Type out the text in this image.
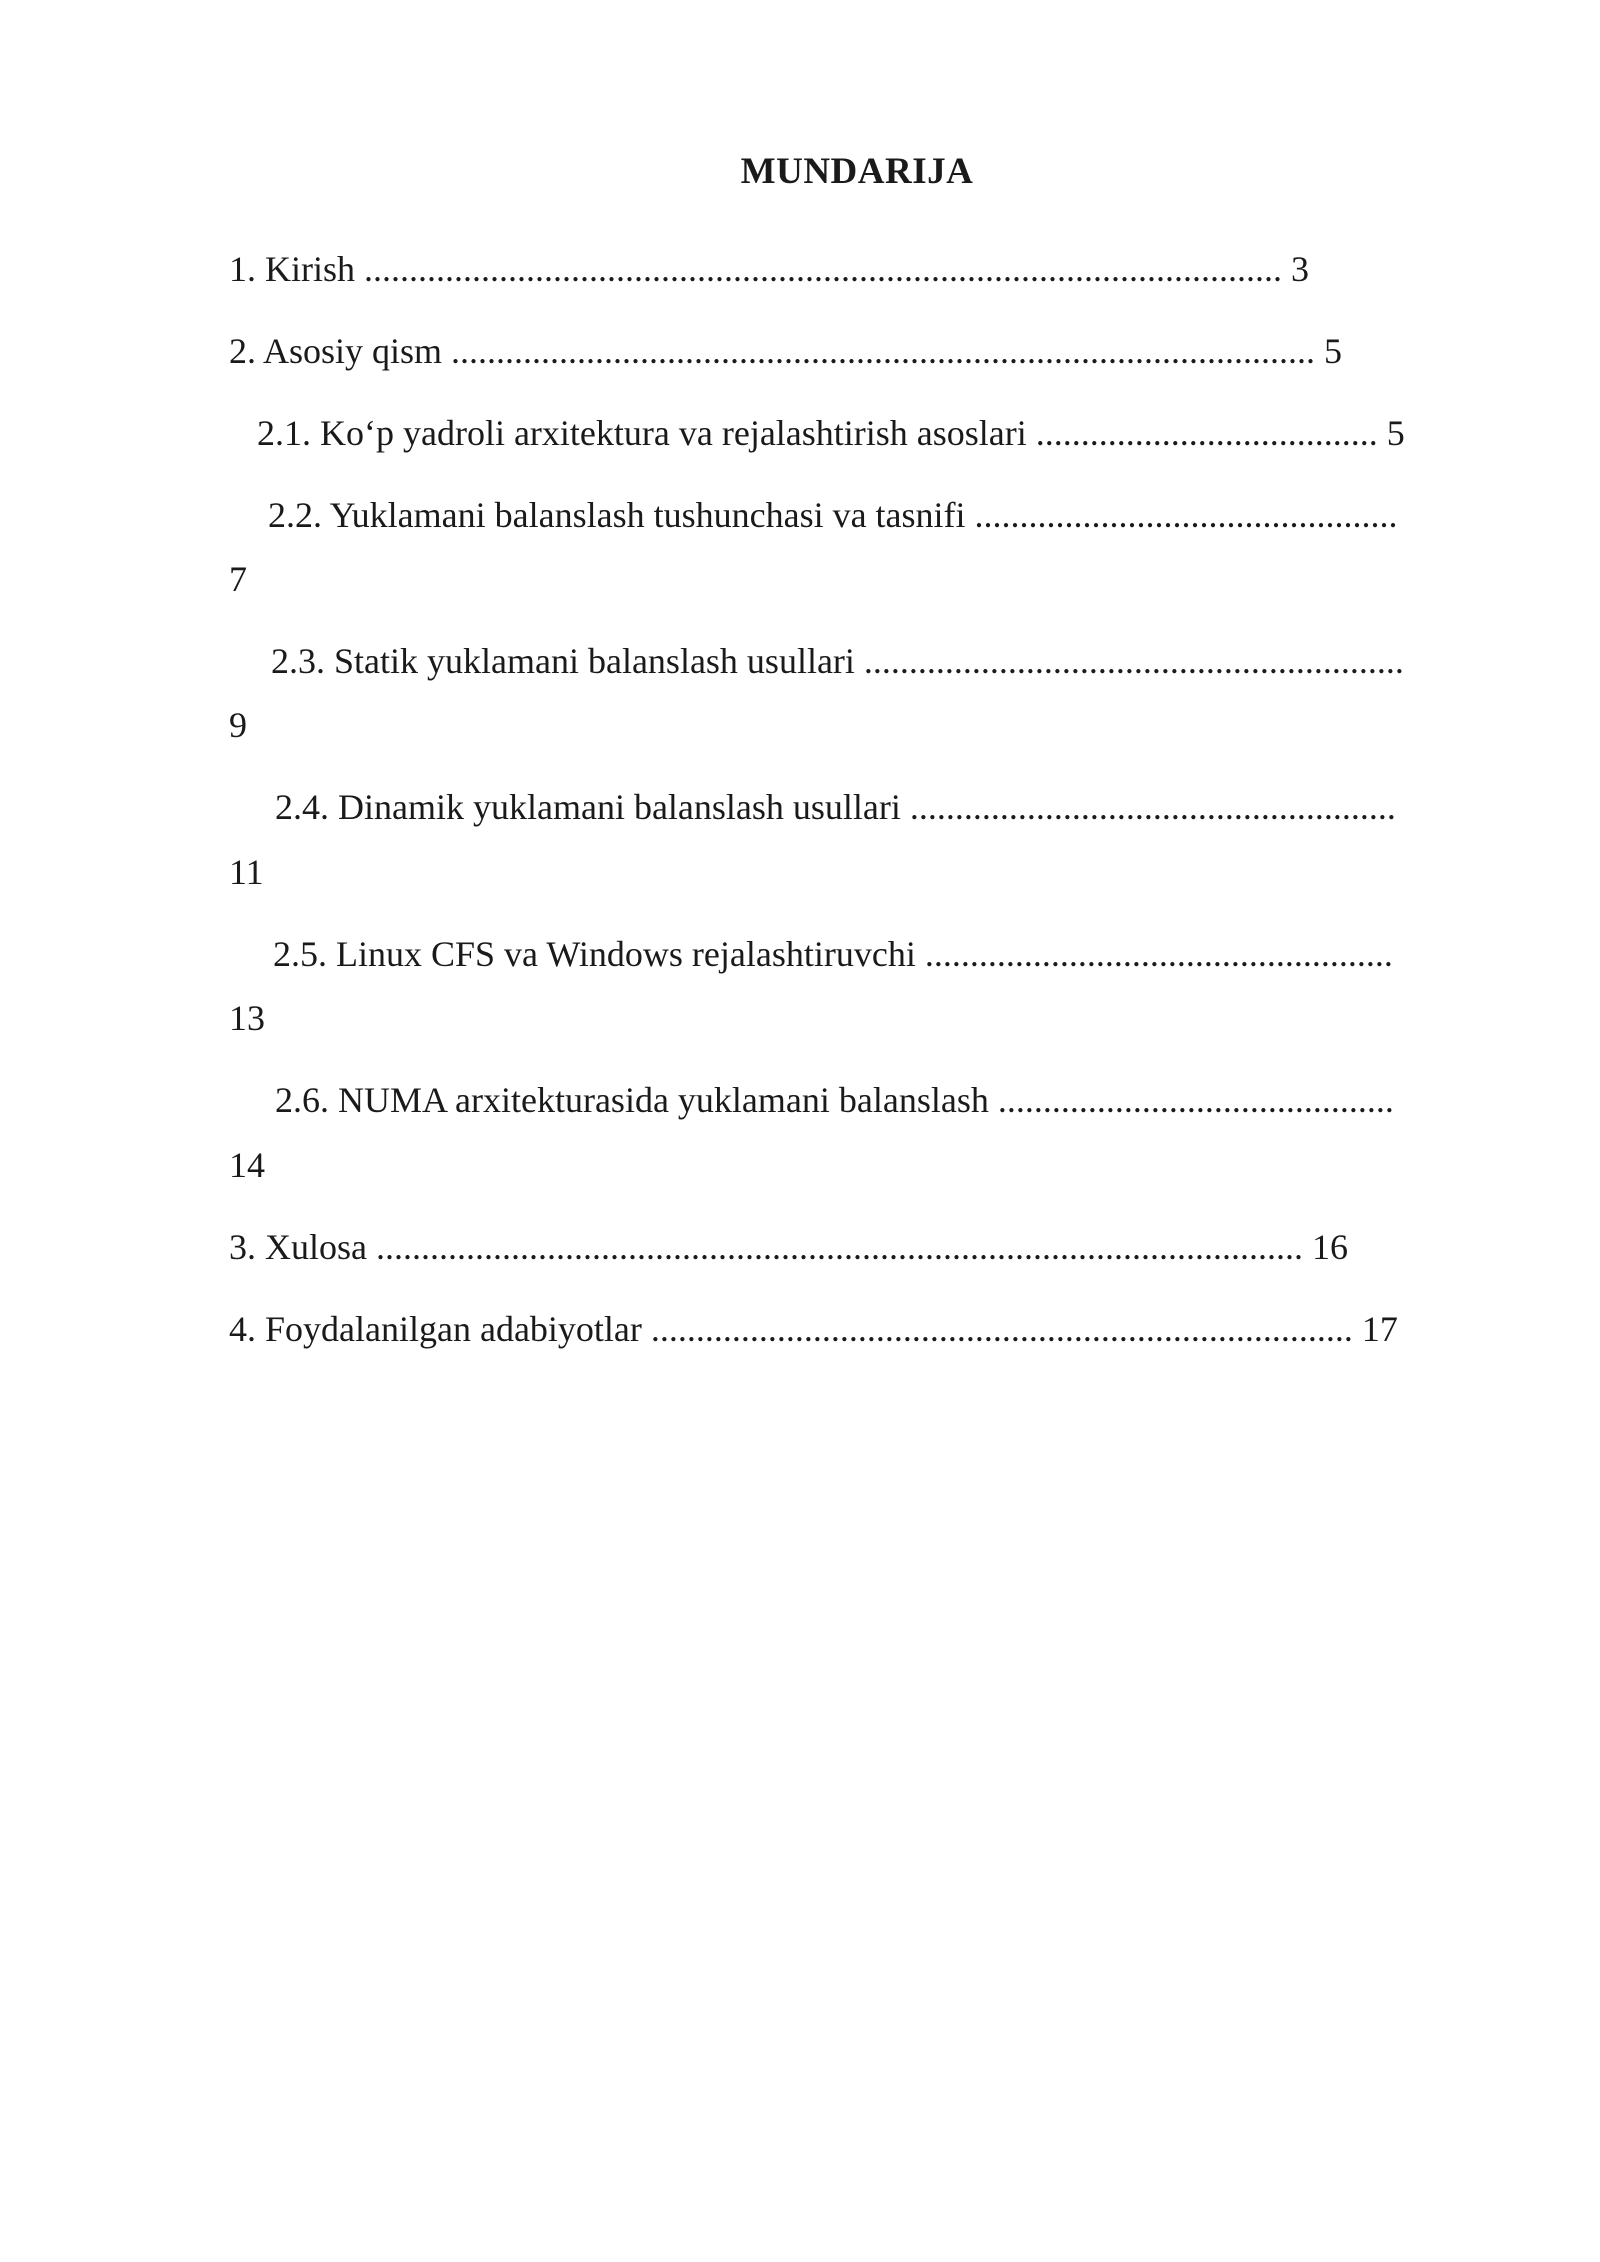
MUNDARIJA

1. Kirish ...................................................................................................... 3

2. Asosiy qism ................................................................................................ 5

2.1. Ko‘p yadroli arxitektura va rejalashtirish asoslari ...................................... 5

2.2. Yuklamani balanslash tushunchasi va tasnifi ...............................................

7

2.3. Statik yuklamani balanslash usullari ............................................................

9

2.4. Dinamik yuklamani balanslash usullari ......................................................

11

2.5. Linux CFS va Windows rejalashtiruvchi ....................................................

13

2.6. NUMA arxitekturasida yuklamani balanslash ............................................

14

3. Xulosa ....................................................................................................... 16

4. Foydalanilgan adabiyotlar .............................................................................. 17
